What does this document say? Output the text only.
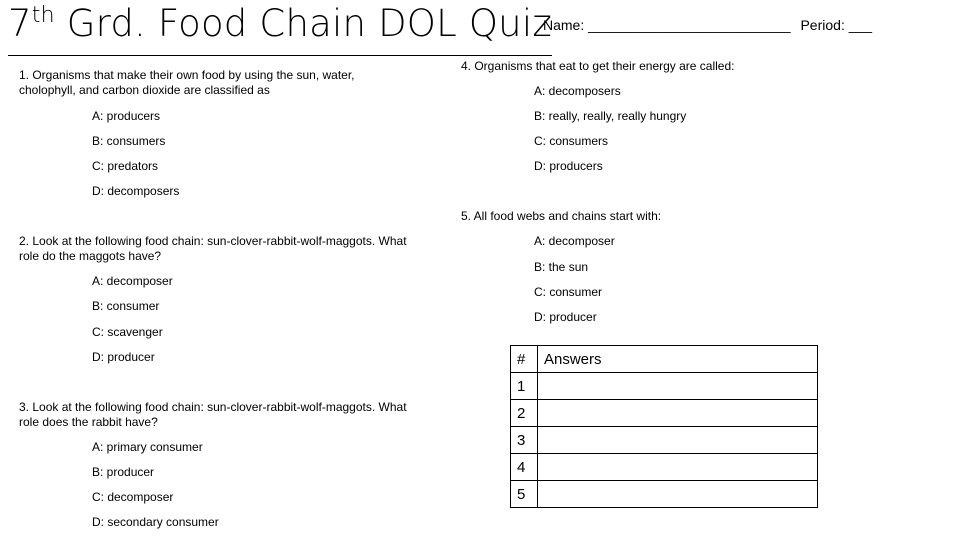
7th Grd. Food Chain DOL Quiz
Name: __________________________ Period: ___
1. Organisms that make their own food by using the sun, water, cholophyll, and carbon dioxide are classified as
A: producers
B: consumers
C: predators
D: decomposers
2. Look at the following food chain: sun-clover-rabbit-wolf-maggots. What role do the maggots have?
A: decomposer
B: consumer
C: scavenger
D: producer
3. Look at the following food chain: sun-clover-rabbit-wolf-maggots. What role does the rabbit have?
A: primary consumer
B: producer
C: decomposer
D: secondary consumer
4. Organisms that eat to get their energy are called:
A: decomposers
B: really, really, really hungry
C: consumers
D: producers
5. All food webs and chains start with:
A: decomposer
B: the sun
C: consumer
D: producer
#	Answers
1	
2	
3	
4	
5	
